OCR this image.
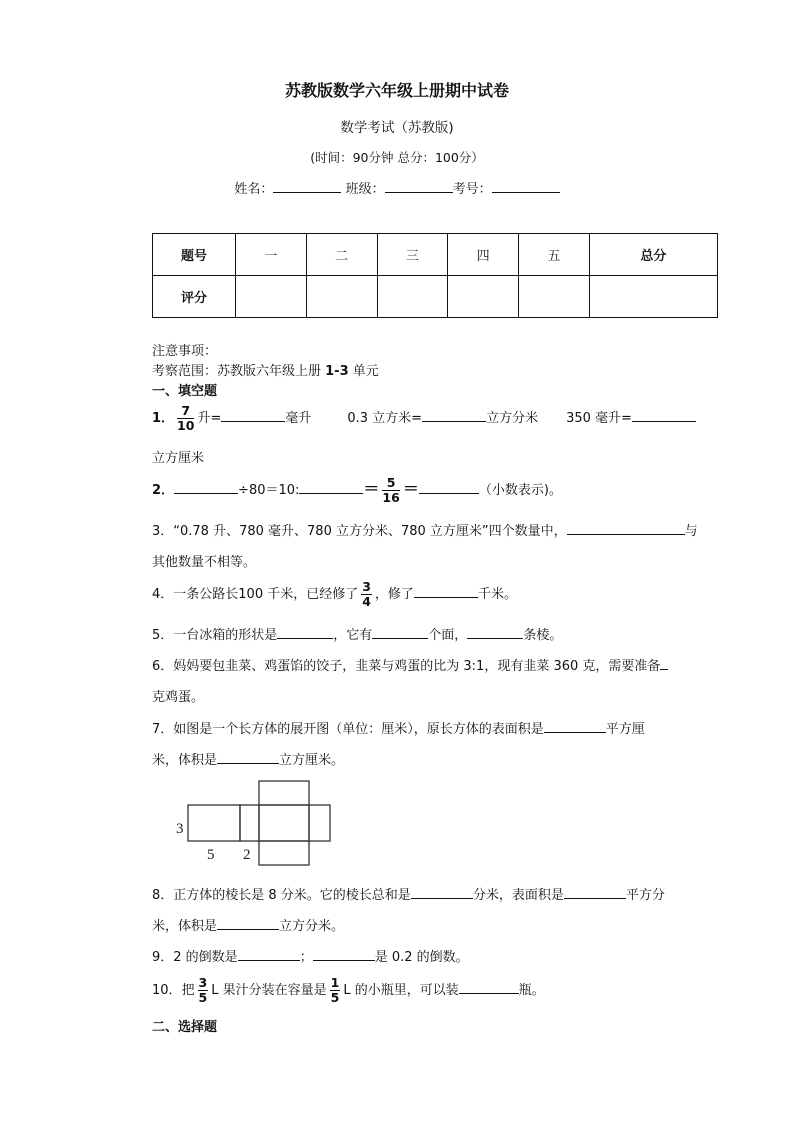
苏教版数学六年级上册期中试卷
数学考试（苏教版)
(时间：90分钟 总分：100分）
姓名：	班级：	考号：
题号	一	二	三	四	五	总分
评分						
注意事项：
考察范围：苏教版六年级上册 1-3 单元
一、填空题
1． $\frac{7}{10}$ 升=	毫升	0.3 立方米=	立方分米 350 毫升=
立方厘米
2．	÷80＝10:	＝ $\frac{5}{16}$ ＝	（小数表示)。
3．“0.78 升、780 毫升、780 立方分米、780 立方厘米”四个数量中，	与
其他数量不相等。
4．一条公路长100 千米，已经修了 $\frac{3}{4}$ ，修了	千米。
5．一台冰箱的形状是	，它有	个面，	条棱。
6．妈妈要包韭菜、鸡蛋馅的饺子，韭菜与鸡蛋的比为 3:1，现有韭菜 360 克，需要准备
克鸡蛋。
7．如图是一个长方体的展开图（单位：厘米），原长方体的表面积是	平方厘
米，体积是	立方厘米。
3
5 2
8．正方体的棱长是 8 分米。它的棱长总和是	分米，表面积是	平方分
米，体积是	立方分米。
9．2 的倒数是	；	是 0.2 的倒数。
10．把 $\frac{3}{5}$ L 果汁分装在容量是 $\frac{1}{5}$ L 的小瓶里，可以装	瓶。
二、选择题
